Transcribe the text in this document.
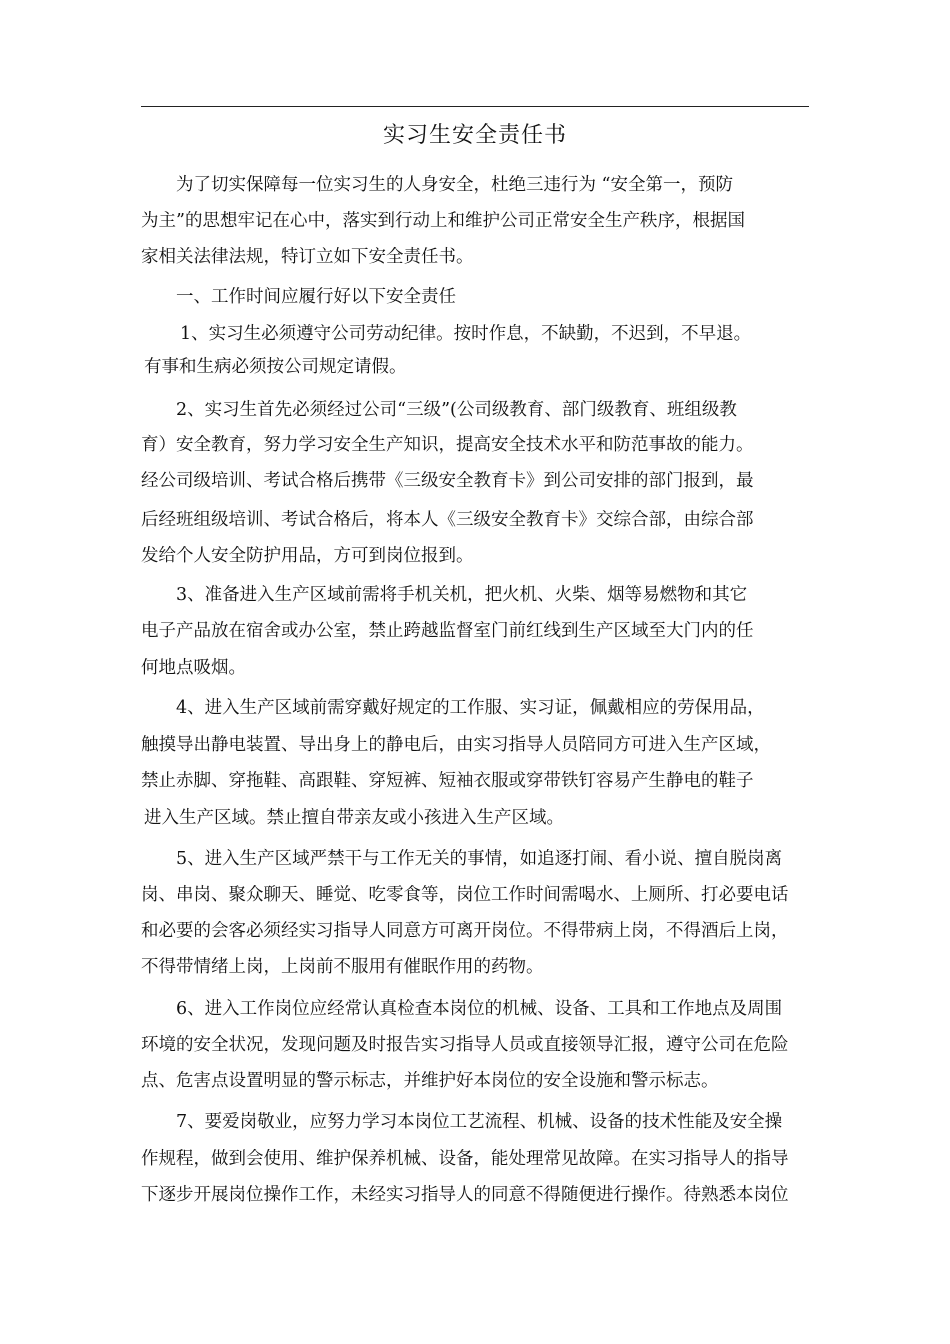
实习生安全责任书
为了切实保障每一位实习生的人身安全，杜绝三违行为 “安全第一，预防
为主”的思想牢记在心中，落实到行动上和维护公司正常安全生产秩序，根据国
家相关法律法规，特订立如下安全责任书。
一、工作时间应履行好以下安全责任
1、实习生必须遵守公司劳动纪律。按时作息，不缺勤，不迟到，不早退。
有事和生病必须按公司规定请假。
2、实习生首先必须经过公司“三级”(公司级教育、部门级教育、班组级教
育）安全教育，努力学习安全生产知识，提高安全技术水平和防范事故的能力。
经公司级培训、考试合格后携带《三级安全教育卡》到公司安排的部门报到，最
后经班组级培训、考试合格后，将本人《三级安全教育卡》交综合部，由综合部
发给个人安全防护用品，方可到岗位报到。
3、准备进入生产区域前需将手机关机，把火机、火柴、烟等易燃物和其它
电子产品放在宿舍或办公室，禁止跨越监督室门前红线到生产区域至大门内的任
何地点吸烟。
4、进入生产区域前需穿戴好规定的工作服、实习证，佩戴相应的劳保用品，
触摸导出静电装置、导出身上的静电后，由实习指导人员陪同方可进入生产区域，
禁止赤脚、穿拖鞋、高跟鞋、穿短裤、短袖衣服或穿带铁钉容易产生静电的鞋子
进入生产区域。禁止擅自带亲友或小孩进入生产区域。
5、进入生产区域严禁干与工作无关的事情，如追逐打闹、看小说、擅自脱岗离
岗、串岗、聚众聊天、睡觉、吃零食等，岗位工作时间需喝水、上厕所、打必要电话
和必要的会客必须经实习指导人同意方可离开岗位。不得带病上岗，不得酒后上岗，
不得带情绪上岗，上岗前不服用有催眠作用的药物。
6、进入工作岗位应经常认真检查本岗位的机械、设备、工具和工作地点及周围
环境的安全状况，发现问题及时报告实习指导人员或直接领导汇报，遵守公司在危险
点、危害点设置明显的警示标志，并维护好本岗位的安全设施和警示标志。
7、要爱岗敬业，应努力学习本岗位工艺流程、机械、设备的技术性能及安全操
作规程，做到会使用、维护保养机械、设备，能处理常见故障。在实习指导人的指导
下逐步开展岗位操作工作，未经实习指导人的同意不得随便进行操作。待熟悉本岗位
